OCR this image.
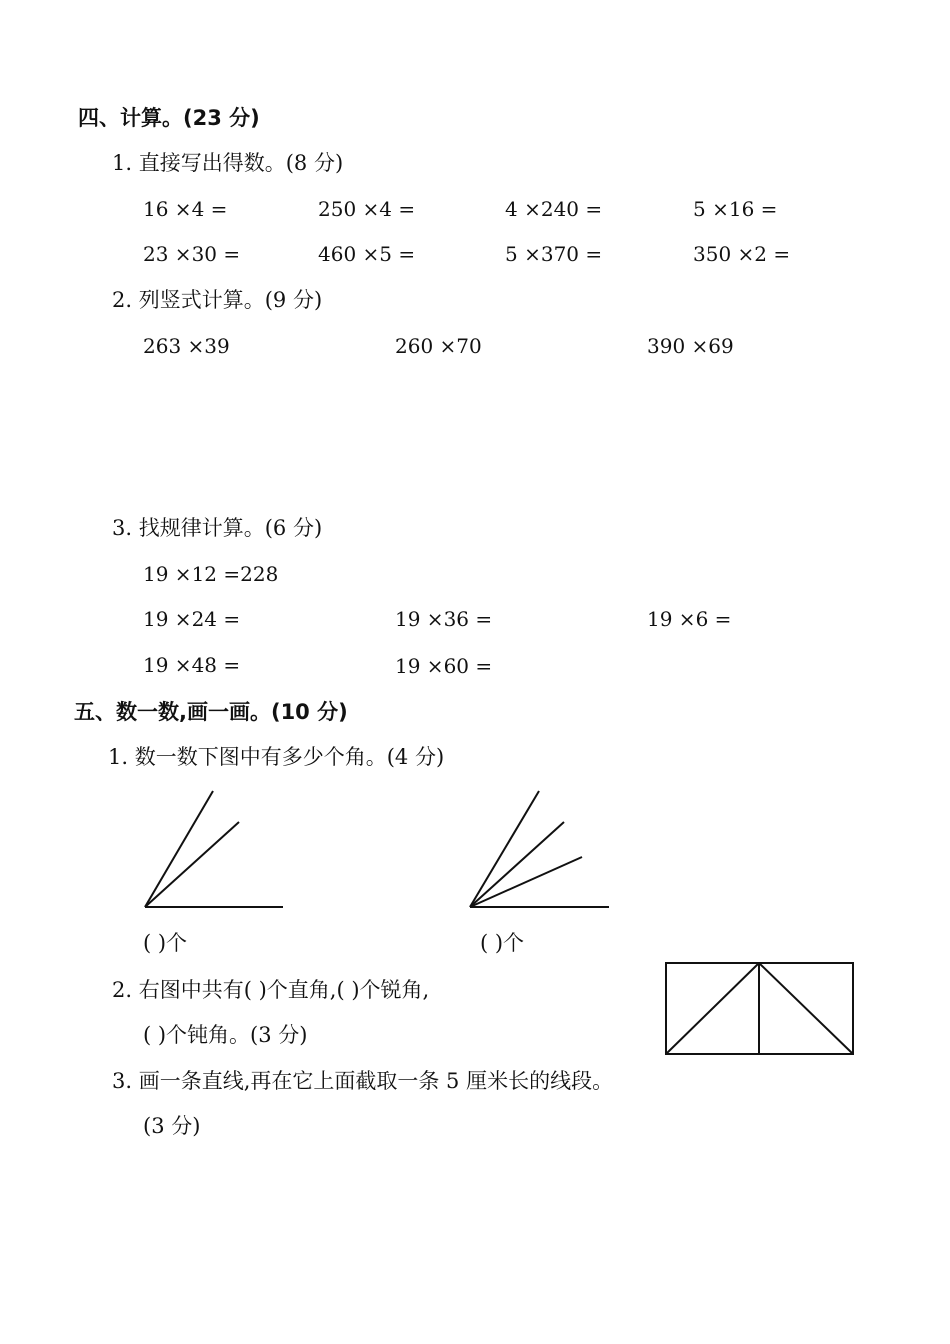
四、计算。(23 分)
1. 直接写出得数。(8 分)
16 ×4 =	250 ×4 =	4 ×240 =	5 ×16 =
23 ×30 =	460 ×5 =	5 ×370 =	350 ×2 =
2. 列竖式计算。(9 分)
263 ×39	260 ×70	390 ×69
3. 找规律计算。(6 分)
19 ×12 =228
19 ×24 =	19 ×36 =	19 ×6 =
19 ×48 =	19 ×60 =
五、数一数,画一画。(10 分)
1. 数一数下图中有多少个角。(4 分)
( )个	( )个
2. 右图中共有( )个直角,( )个锐角,
( )个钝角。(3 分)
3. 画一条直线,再在它上面截取一条 5 厘米长的线段。
(3 分)
